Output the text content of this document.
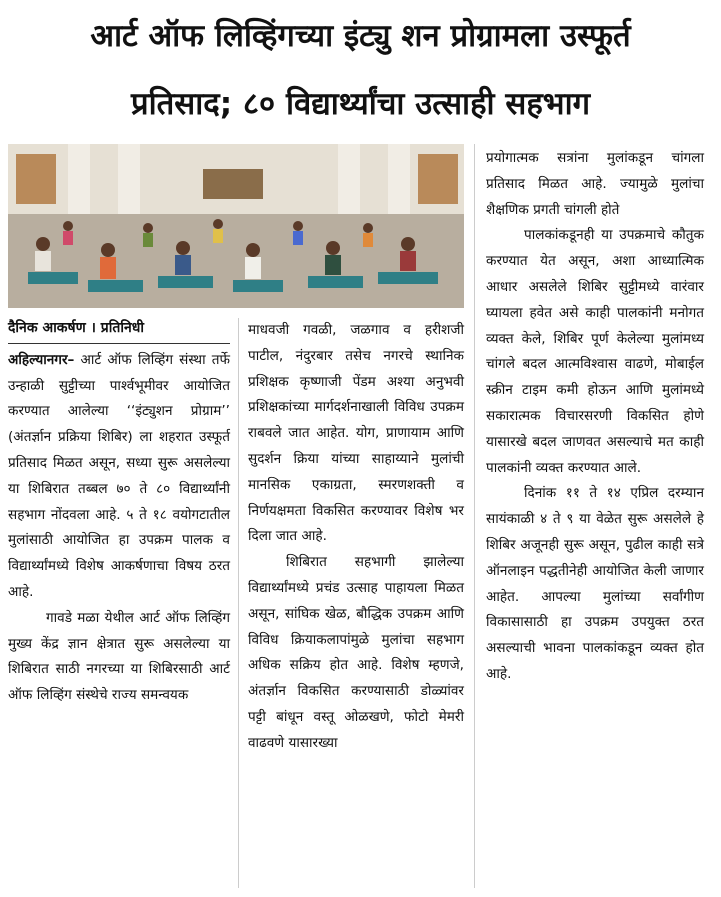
आर्ट ऑफ लिव्हिंगच्या इंट्यु शन प्रोग्रामला उस्फूर्त
प्रतिसाद; ८० विद्यार्थ्यांचा उत्साही सहभाग

दैनिक आकर्षण । प्रतिनिधी

अहिल्यानगर– आर्ट ऑफ लिव्हिंग संस्था तर्फे उन्हाळी सुट्टीच्या पार्श्वभूमीवर आयोजित करण्यात आलेल्या ‘‘इंट्युशन प्रोग्राम’’ (अंतर्ज्ञान प्रक्रिया शिबिर) ला शहरात उस्फूर्त प्रतिसाद मिळत असून, सध्या सुरू असलेल्या या शिबिरात तब्बल ७० ते ८० विद्यार्थ्यांनी सहभाग नोंदवला आहे. ५ ते १८ वयोगटातील मुलांसाठी आयोजित हा उपक्रम पालक व विद्यार्थ्यांमध्ये विशेष आकर्षणाचा विषय ठरत आहे.

गावडे मळा येथील आर्ट ऑफ लिव्हिंग मुख्य केंद्र ज्ञान क्षेत्रात सुरू असलेल्या या शिबिरात साठी नगरच्या या शिबिरसाठी आर्ट ऑफ लिव्हिंग संस्थेचे राज्य समन्वयक

माधवजी गवळी, जळगाव व हरीशजी पाटील, नंदुरबार तसेच नगरचे स्थानिक प्रशिक्षक कृष्णाजी पेंडम अश्या अनुभवी प्रशिक्षकांच्या मार्गदर्शनाखाली विविध उपक्रम राबवले जात आहेत. योग, प्राणायाम आणि सुदर्शन क्रिया यांच्या साहाय्याने मुलांची मानसिक एकाग्रता, स्मरणशक्ती व निर्णयक्षमता विकसित करण्यावर विशेष भर दिला जात आहे.

शिबिरात सहभागी झालेल्या विद्यार्थ्यांमध्ये प्रचंड उत्साह पाहायला मिळत असून, सांघिक खेळ, बौद्धिक उपक्रम आणि विविध क्रियाकलापांमुळे मुलांचा सहभाग अधिक सक्रिय होत आहे. विशेष म्हणजे, अंतर्ज्ञान विकसित करण्यासाठी डोळ्यांवर पट्टी बांधून वस्तू ओळखणे, फोटो मेमरी वाढवणे यासारख्या

प्रयोगात्मक सत्रांना मुलांकडून चांगला प्रतिसाद मिळत आहे. ज्यामुळे मुलांचा शैक्षणिक प्रगती चांगली होते

पालकांकडूनही या उपक्रमाचे कौतुक करण्यात येत असून, अशा आध्यात्मिक आधार असलेले शिबिर सुट्टीमध्ये वारंवार घ्यायला हवेत असे काही पालकांनी मनोगत व्यक्त केले, शिबिर पूर्ण केलेल्या मुलांमध्य चांगले बदल आत्मविश्वास वाढणे, मोबाईल स्क्रीन टाइम कमी होऊन आणि मुलांमध्ये सकारात्मक विचारसरणी विकसित होणे यासारखे बदल जाणवत असल्याचे मत काही पालकांनी व्यक्त करण्यात आले.

दिनांक ११ ते १४ एप्रिल दरम्यान सायंकाळी ४ ते ९ या वेळेत सुरू असलेले हे शिबिर अजूनही सुरू असून, पुढील काही सत्रे ऑनलाइन पद्धतीनेही आयोजित केली जाणार आहेत. आपल्या मुलांच्या सर्वांगीण विकासासाठी हा उपक्रम उपयुक्त ठरत असल्याची भावना पालकांकडून व्यक्त होत आहे.
